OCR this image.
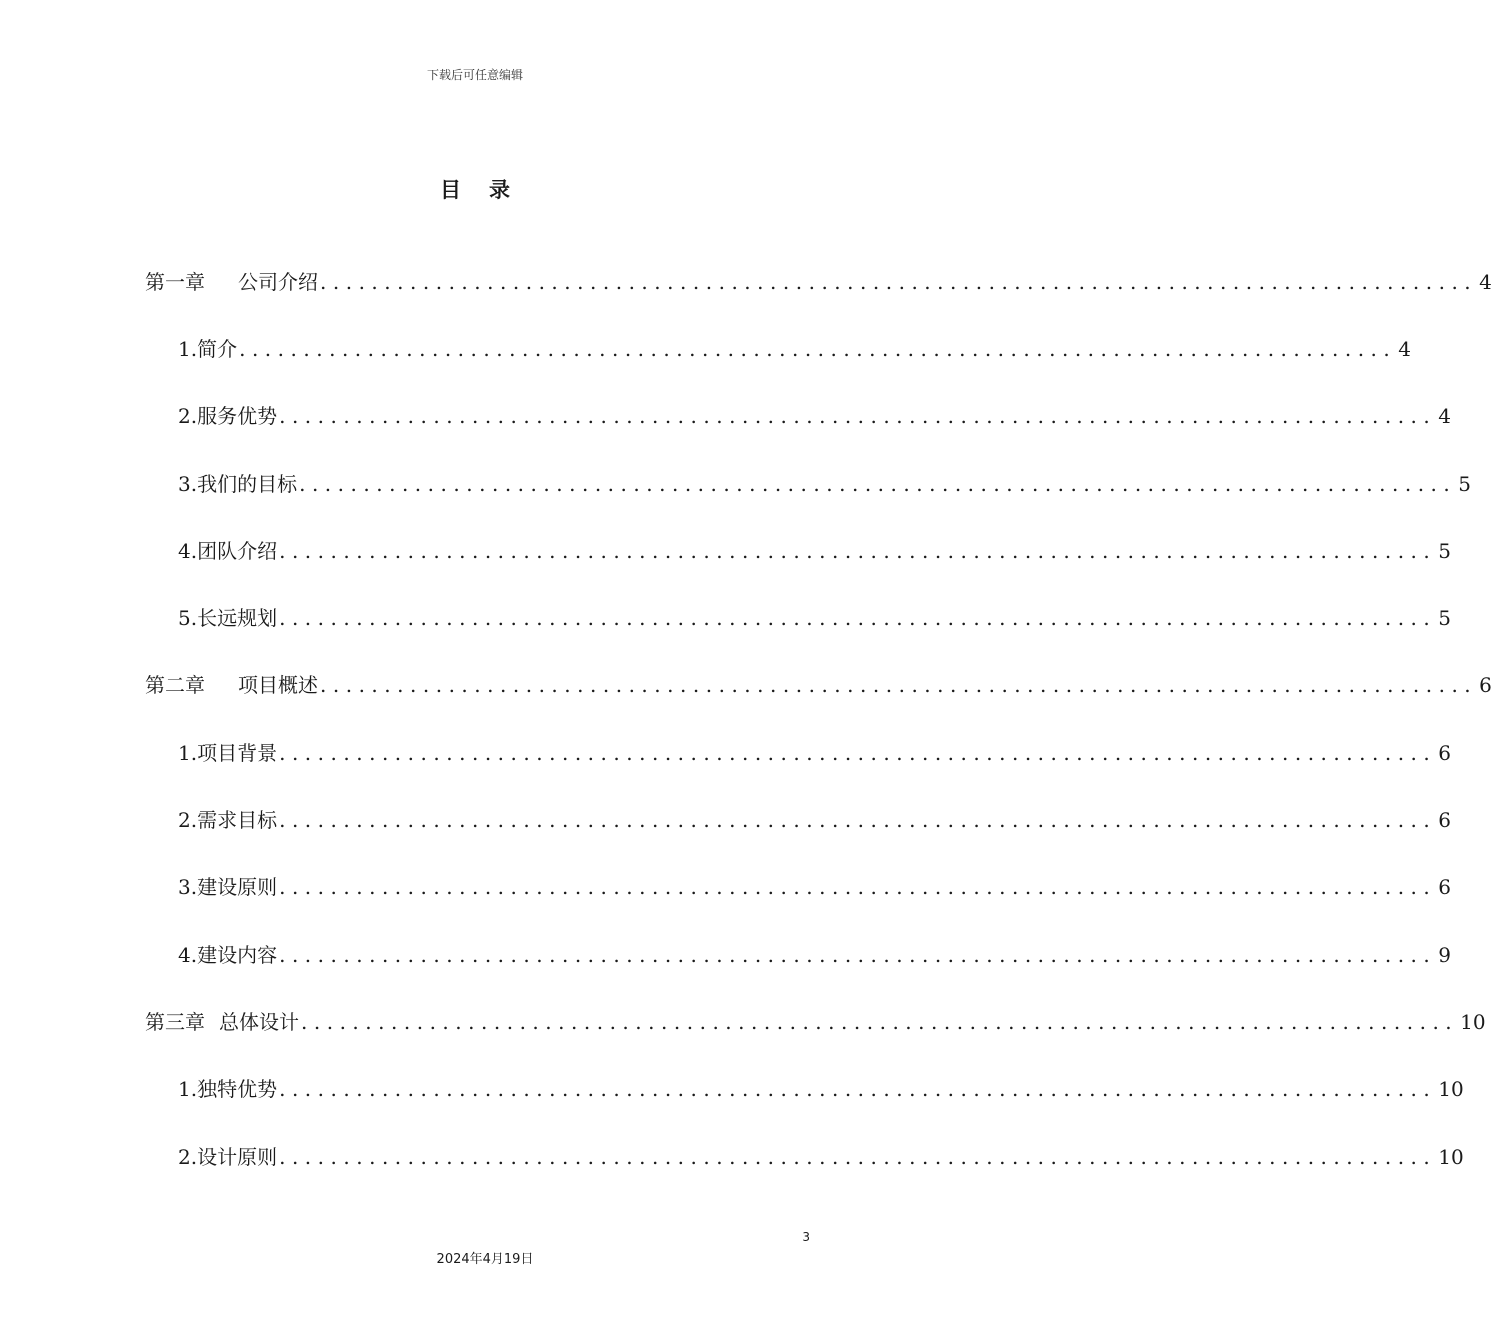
下载后可任意编辑
目录
第一章 公司介绍 .......................................................................................... 4
1. 简介 .......................................................................................... 4
2. 服务优势 .......................................................................................... 4
3. 我们的目标 .......................................................................................... 5
4. 团队介绍 .......................................................................................... 5
5. 长远规划 .......................................................................................... 5
第二章 项目概述 .......................................................................................... 6
1. 项目背景 .......................................................................................... 6
2. 需求目标 .......................................................................................... 6
3. 建设原则 .......................................................................................... 6
4. 建设内容 .......................................................................................... 9
第三章 总体设计 .......................................................................................... 10
1. 独特优势 .......................................................................................... 10
2. 设计原则 .......................................................................................... 10
3
2024年4月19日
